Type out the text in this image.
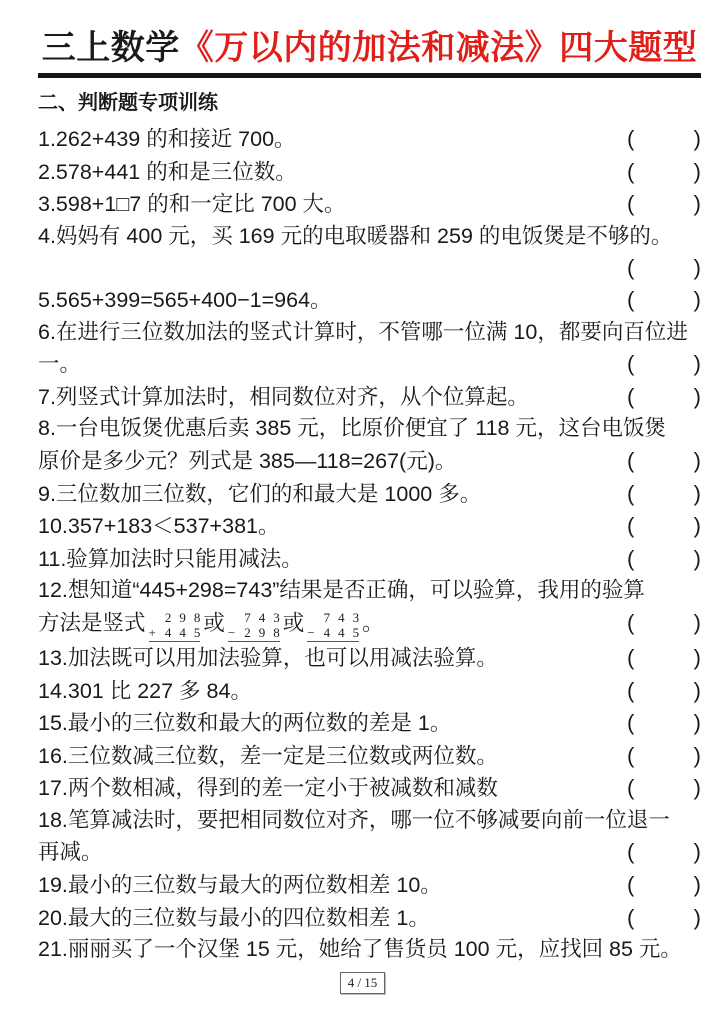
三上数学《万以内的加法和减法》四大题型
二、判断题专项训练
1.262+439 的和接近 700。	(	)
2.578+441 的和是三位数。	(	)
3.598+1□7 的和一定比 700 大。	(	)
4.妈妈有 400 元，买 169 元的电取暖器和 259 的电饭煲是不够的。
(	)
5.565+399=565+400−1=964。	(	)
6.在进行三位数加法的竖式计算时，不管哪一位满 10，都要向百位进
一。	(	)
7.列竖式计算加法时，相同数位对齐，从个位算起。	(	)
8.一台电饭煲优惠后卖 385 元，比原价便宜了 118 元，这台电饭煲
原价是多少元？列式是 385—118=267(元)。	(	)
9.三位数加三位数，它们的和最大是 1000 多。	(	)
10.357+183＜537+381。	(	)
11.验算加法时只能用减法。	(	)
12.想知道“445+298=743”结果是否正确，可以验算，我用的验算
方法是竖式	298
+ 445
或	743
− 298
或	743
− 445
。	(	)
13.加法既可以用加法验算，也可以用减法验算。	(	)
14.301 比 227 多 84。	(	)
15.最小的三位数和最大的两位数的差是 1。	(	)
16.三位数减三位数，差一定是三位数或两位数。	(	)
17.两个数相减，得到的差一定小于被减数和减数	(	)
18.笔算减法时，要把相同数位对齐，哪一位不够减要向前一位退一
再减。	(	)
19.最小的三位数与最大的两位数相差 10。	(	)
20.最大的三位数与最小的四位数相差 1。	(	)
21.丽丽买了一个汉堡 15 元，她给了售货员 100 元，应找回 85 元。
4 / 15
